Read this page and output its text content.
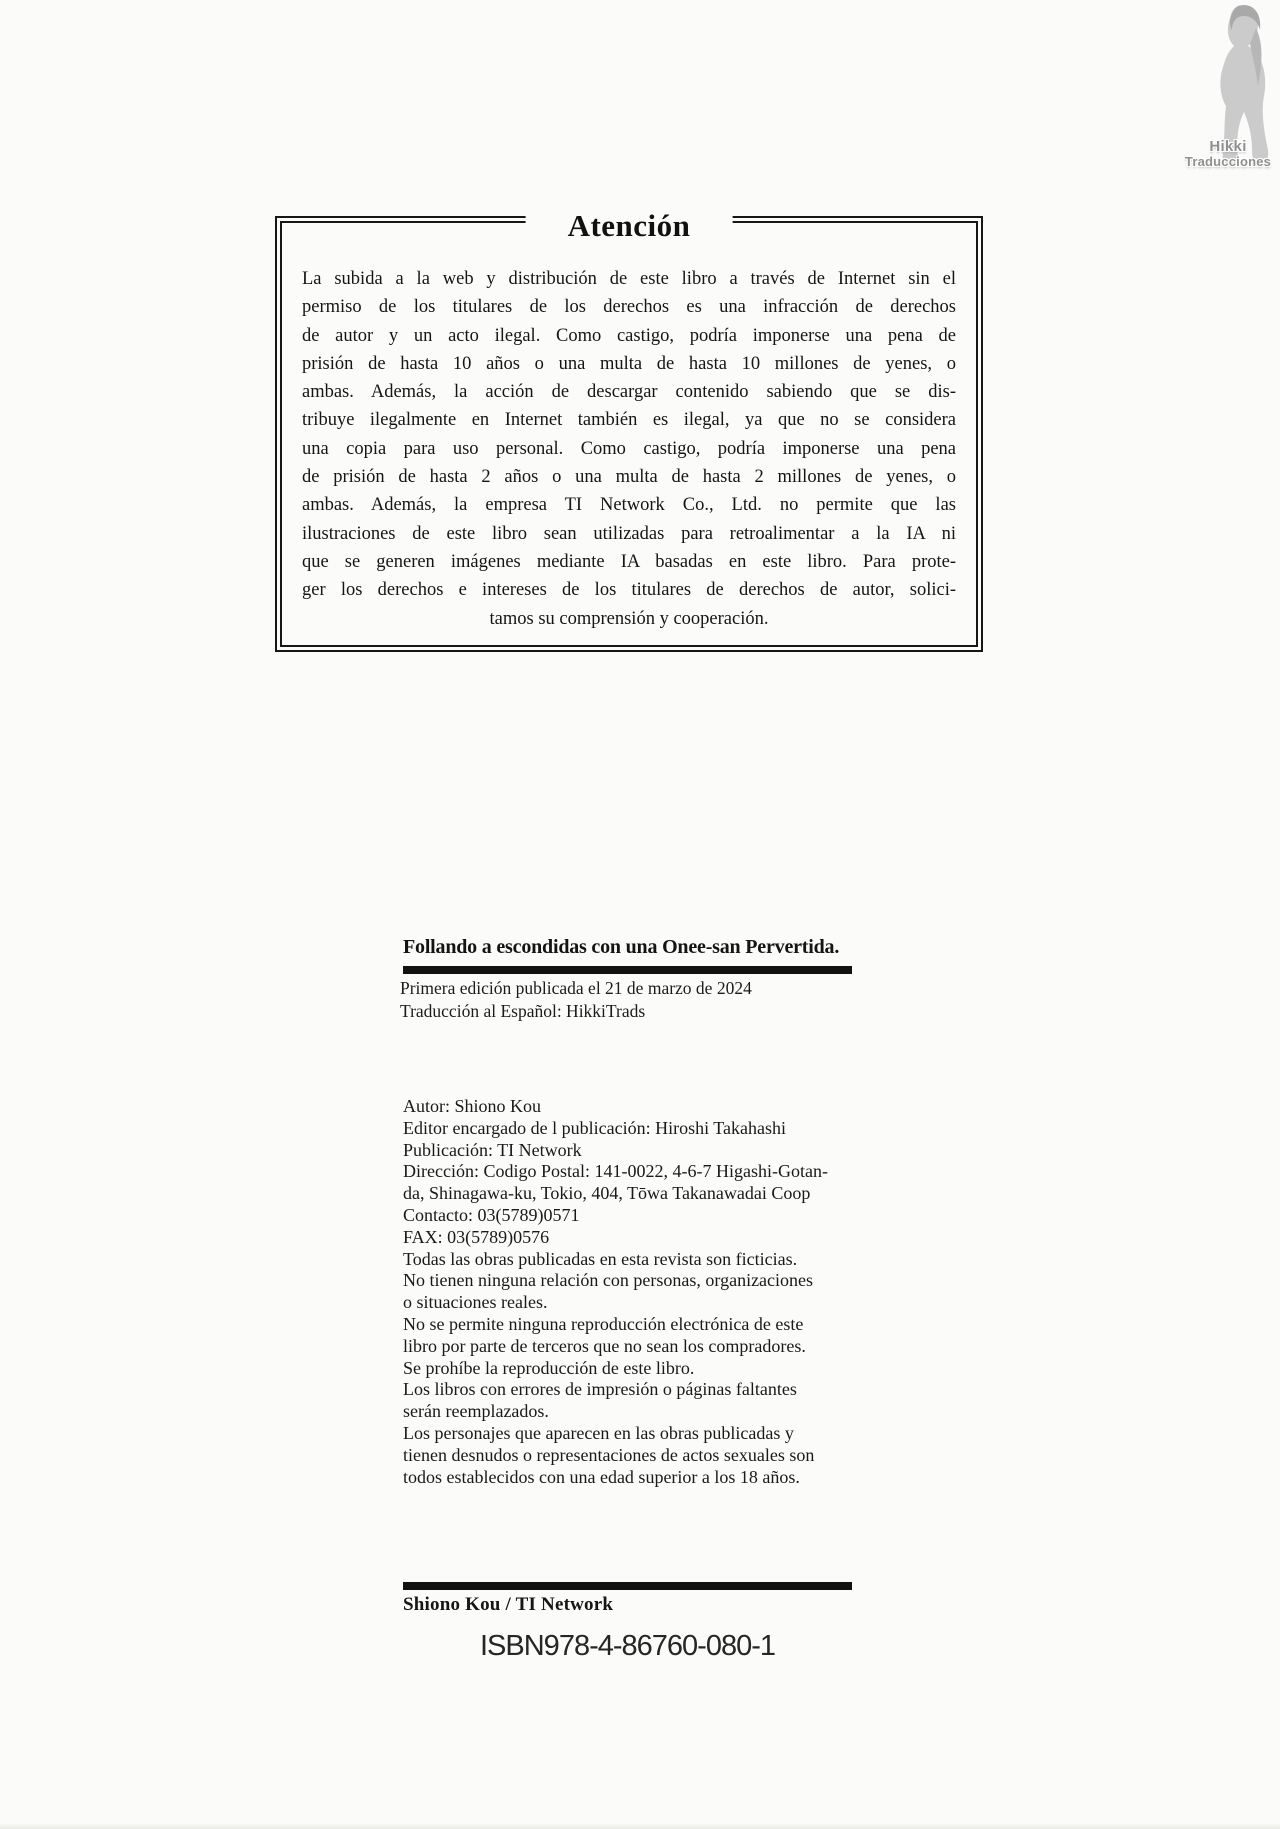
Hikki
Traducciones
Atención
La subida a la web y distribución de este libro a través de Internet sin el
permiso de los titulares de los derechos es una infracción de derechos
de autor y un acto ilegal. Como castigo, podría imponerse una pena de
prisión de hasta 10 años o una multa de hasta 10 millones de yenes, o
ambas. Además, la acción de descargar contenido sabiendo que se dis-
tribuye ilegalmente en Internet también es ilegal, ya que no se considera
una copia para uso personal. Como castigo, podría imponerse una pena
de prisión de hasta 2 años o una multa de hasta 2 millones de yenes, o
ambas. Además, la empresa TI Network Co., Ltd. no permite que las
ilustraciones de este libro sean utilizadas para retroalimentar a la IA ni
que se generen imágenes mediante IA basadas en este libro. Para prote-
ger los derechos e intereses de los titulares de derechos de autor, solici-
tamos su comprensión y cooperación.
Follando a escondidas con una Onee-san Pervertida.
Primera edición publicada el 21 de marzo de 2024
Traducción al Español: HikkiTrads
Autor: Shiono Kou
Editor encargado de l publicación: Hiroshi Takahashi
Publicación: TI Network
Dirección: Codigo Postal: 141-0022, 4-6-7 Higashi-Gotan-
da, Shinagawa-ku, Tokio, 404, Tōwa Takanawadai Coop
Contacto: 03(5789)0571
FAX: 03(5789)0576
Todas las obras publicadas en esta revista son ficticias.
No tienen ninguna relación con personas, organizaciones
o situaciones reales.
No se permite ninguna reproducción electrónica de este
libro por parte de terceros que no sean los compradores.
Se prohíbe la reproducción de este libro.
Los libros con errores de impresión o páginas faltantes
serán reemplazados.
Los personajes que aparecen en las obras publicadas y
tienen desnudos o representaciones de actos sexuales son
todos establecidos con una edad superior a los 18 años.
Shiono Kou / TI Network
ISBN978-4-86760-080-1
